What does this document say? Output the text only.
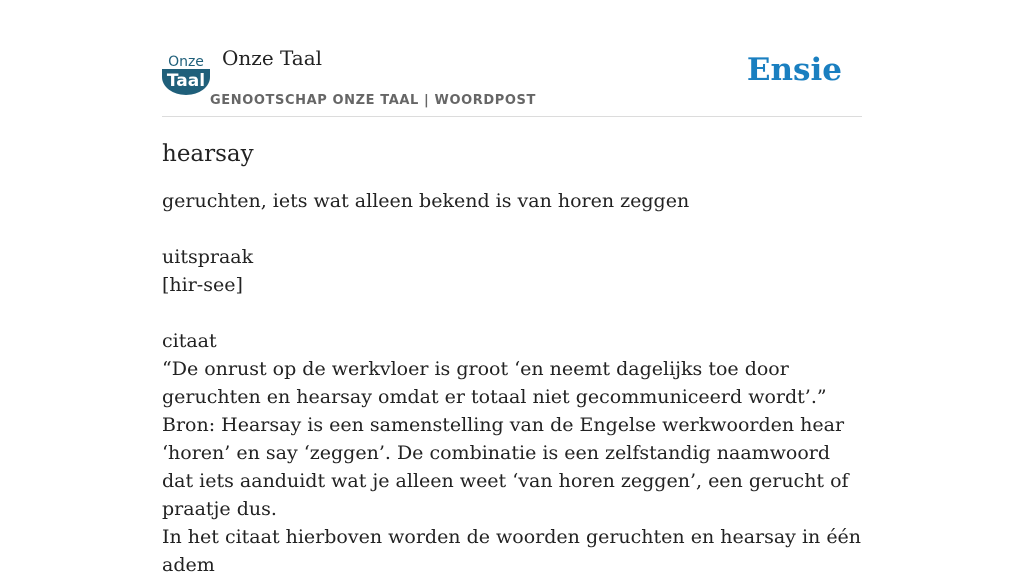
Onze
Taal
Onze Taal
GENOOTSCHAP ONZE TAAL | WOORDPOST
Ensie
hearsay

geruchten, iets wat alleen bekend is van horen zeggen

uitspraak

[hir-see]

citaat

“De onrust op de werkvloer is groot ‘en neemt dagelijks toe door geruchten en hearsay omdat er totaal niet gecommuniceerd wordt’.”

Bron: Hearsay is een samenstelling van de Engelse werkwoorden hear ‘horen’ en say ‘zeggen’. De combinatie is een zelfstandig naamwoord dat iets aanduidt wat je alleen weet ‘van horen zeggen’, een gerucht of praatje dus.

In het citaat hierboven worden de woorden geruchten en hearsay in één adem
